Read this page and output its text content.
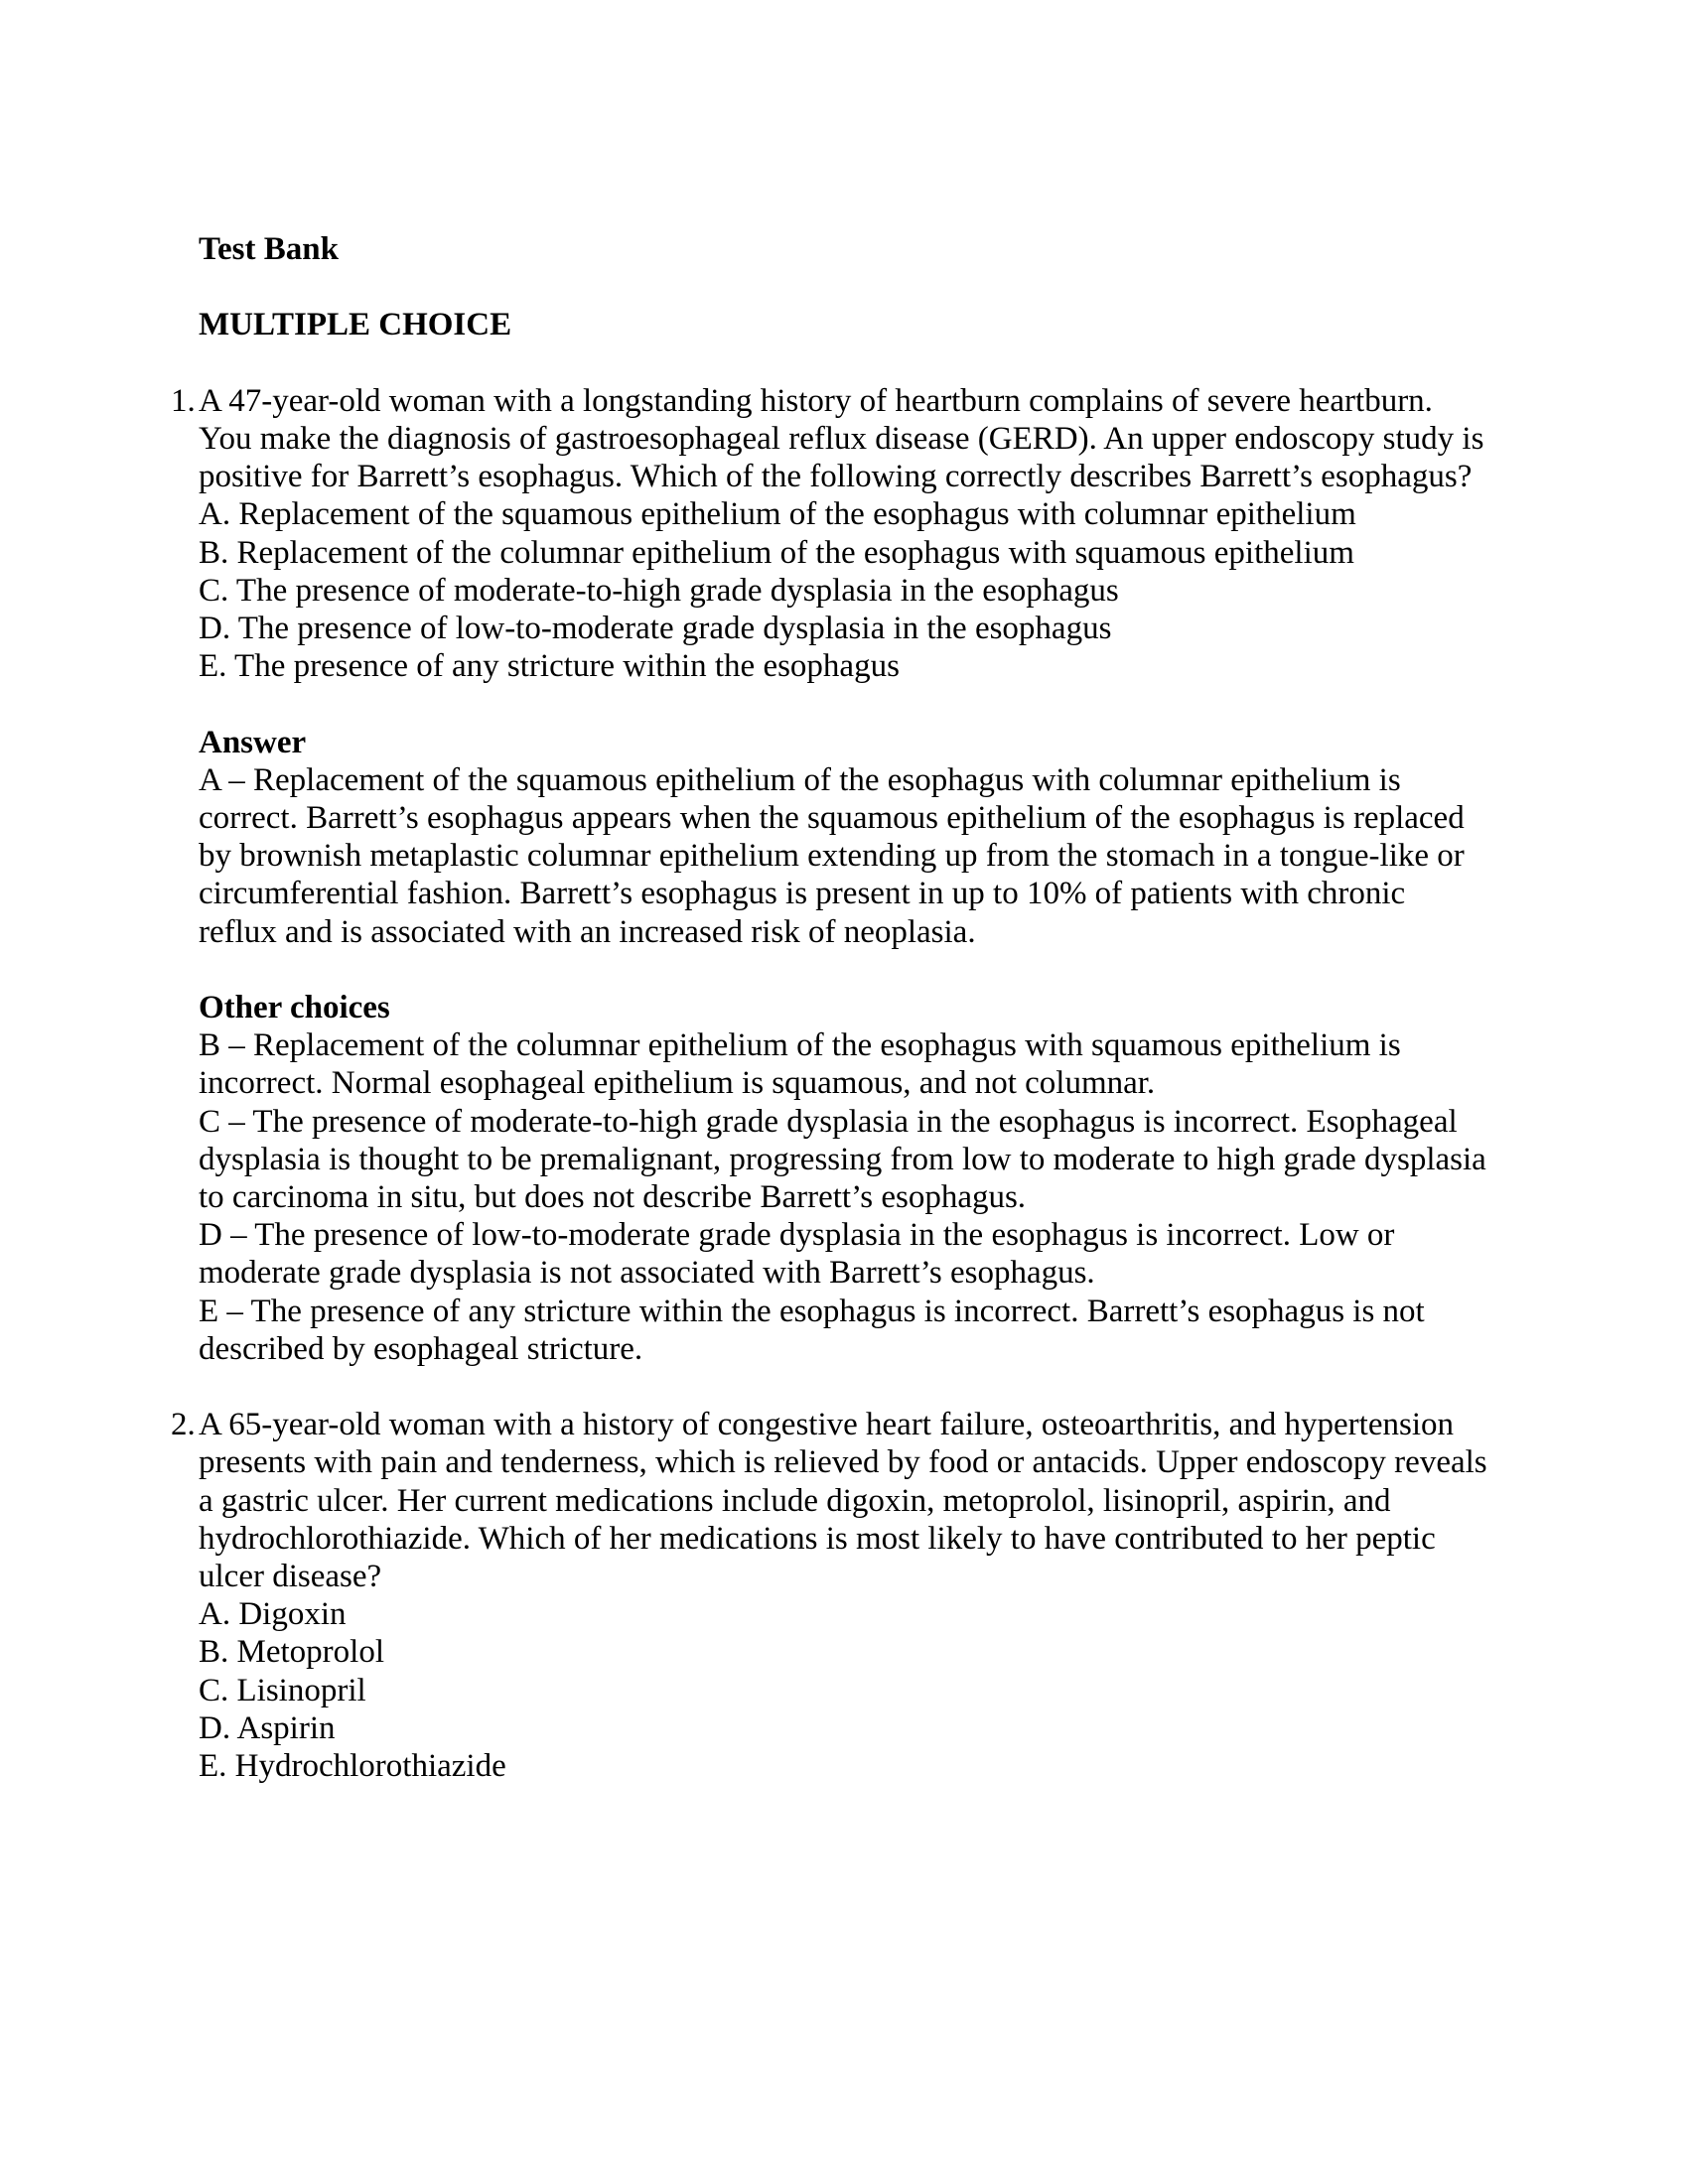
Test Bank

MULTIPLE CHOICE

1. A 47-year-old woman with a longstanding history of heartburn complains of severe heartburn. You make the diagnosis of gastroesophageal reflux disease (GERD). An upper endoscopy study is positive for Barrett’s esophagus. Which of the following correctly describes Barrett’s esophagus?

A. Replacement of the squamous epithelium of the esophagus with columnar epithelium

B. Replacement of the columnar epithelium of the esophagus with squamous epithelium

C. The presence of moderate-to-high grade dysplasia in the esophagus

D. The presence of low-to-moderate grade dysplasia in the esophagus

E. The presence of any stricture within the esophagus

Answer

A – Replacement of the squamous epithelium of the esophagus with columnar epithelium is correct. Barrett’s esophagus appears when the squamous epithelium of the esophagus is replaced by brownish metaplastic columnar epithelium extending up from the stomach in a tongue-like or circumferential fashion. Barrett’s esophagus is present in up to 10% of patients with chronic reflux and is associated with an increased risk of neoplasia.

Other choices

B – Replacement of the columnar epithelium of the esophagus with squamous epithelium is incorrect. Normal esophageal epithelium is squamous, and not columnar.

C – The presence of moderate-to-high grade dysplasia in the esophagus is incorrect. Esophageal dysplasia is thought to be premalignant, progressing from low to moderate to high grade dysplasia to carcinoma in situ, but does not describe Barrett’s esophagus.

D – The presence of low-to-moderate grade dysplasia in the esophagus is incorrect. Low or moderate grade dysplasia is not associated with Barrett’s esophagus.

E – The presence of any stricture within the esophagus is incorrect. Barrett’s esophagus is not described by esophageal stricture.

2. A 65-year-old woman with a history of congestive heart failure, osteoarthritis, and hypertension presents with pain and tenderness, which is relieved by food or antacids. Upper endoscopy reveals a gastric ulcer. Her current medications include digoxin, metoprolol, lisinopril, aspirin, and hydrochlorothiazide. Which of her medications is most likely to have contributed to her peptic ulcer disease?

A. Digoxin

B. Metoprolol

C. Lisinopril

D. Aspirin

E. Hydrochlorothiazide
